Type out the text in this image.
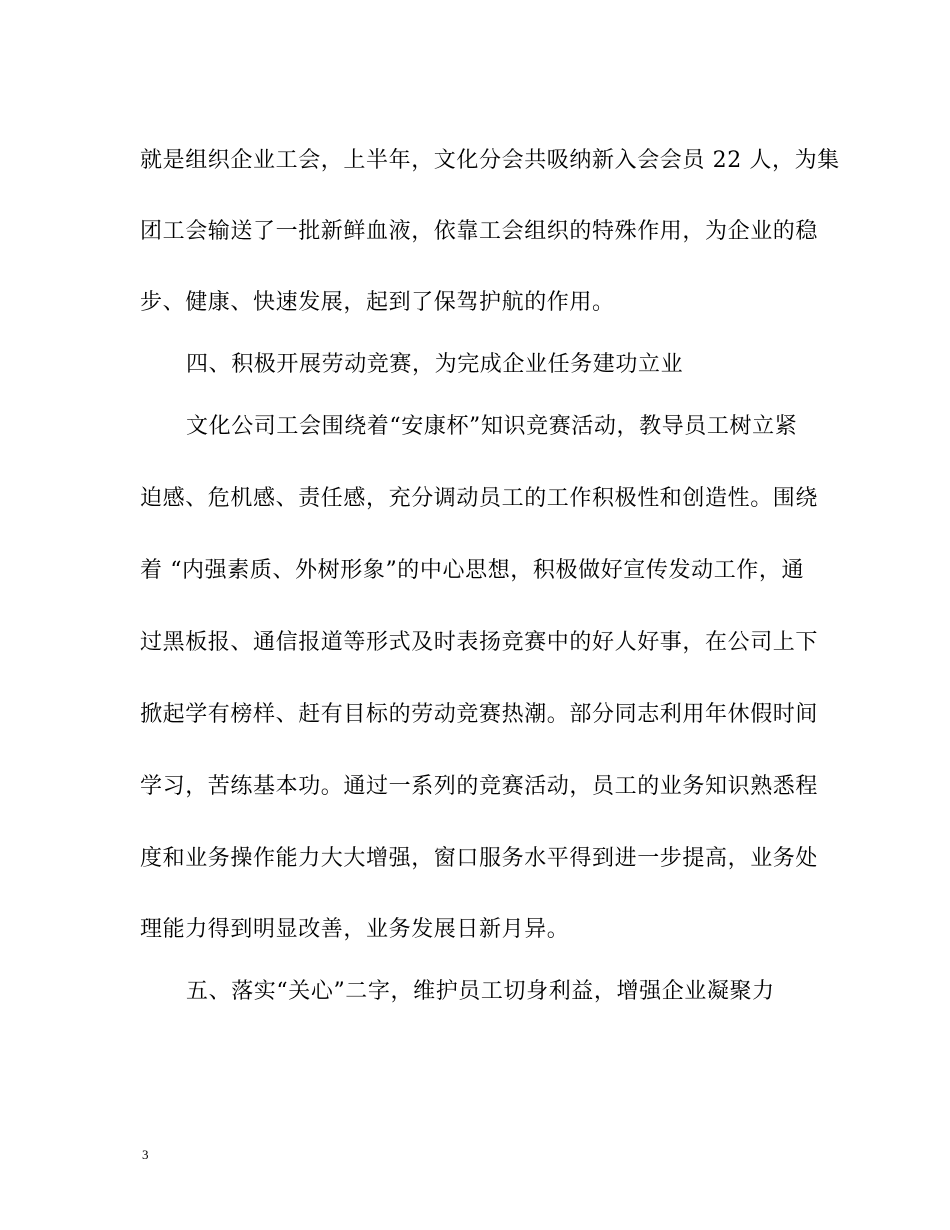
就是组织企业工会，上半年，文化分会共吸纳新入会会员 22 人，为集
团工会输送了一批新鲜血液，依靠工会组织的特殊作用，为企业的稳
步、健康、快速发展，起到了保驾护航的作用。
四、积极开展劳动竞赛，为完成企业任务建功立业
文化公司工会围绕着“安康杯”知识竞赛活动，教导员工树立紧
迫感、危机感、责任感，充分调动员工的工作积极性和创造性。围绕
着 “内强素质、外树形象”的中心思想，积极做好宣传发动工作，通
过黑板报、通信报道等形式及时表扬竞赛中的好人好事，在公司上下
掀起学有榜样、赶有目标的劳动竞赛热潮。部分同志利用年休假时间
学习，苦练基本功。通过一系列的竞赛活动，员工的业务知识熟悉程
度和业务操作能力大大增强，窗口服务水平得到进一步提高，业务处
理能力得到明显改善，业务发展日新月异。
五、落实“关心”二字，维护员工切身利益，增强企业凝聚力
3
